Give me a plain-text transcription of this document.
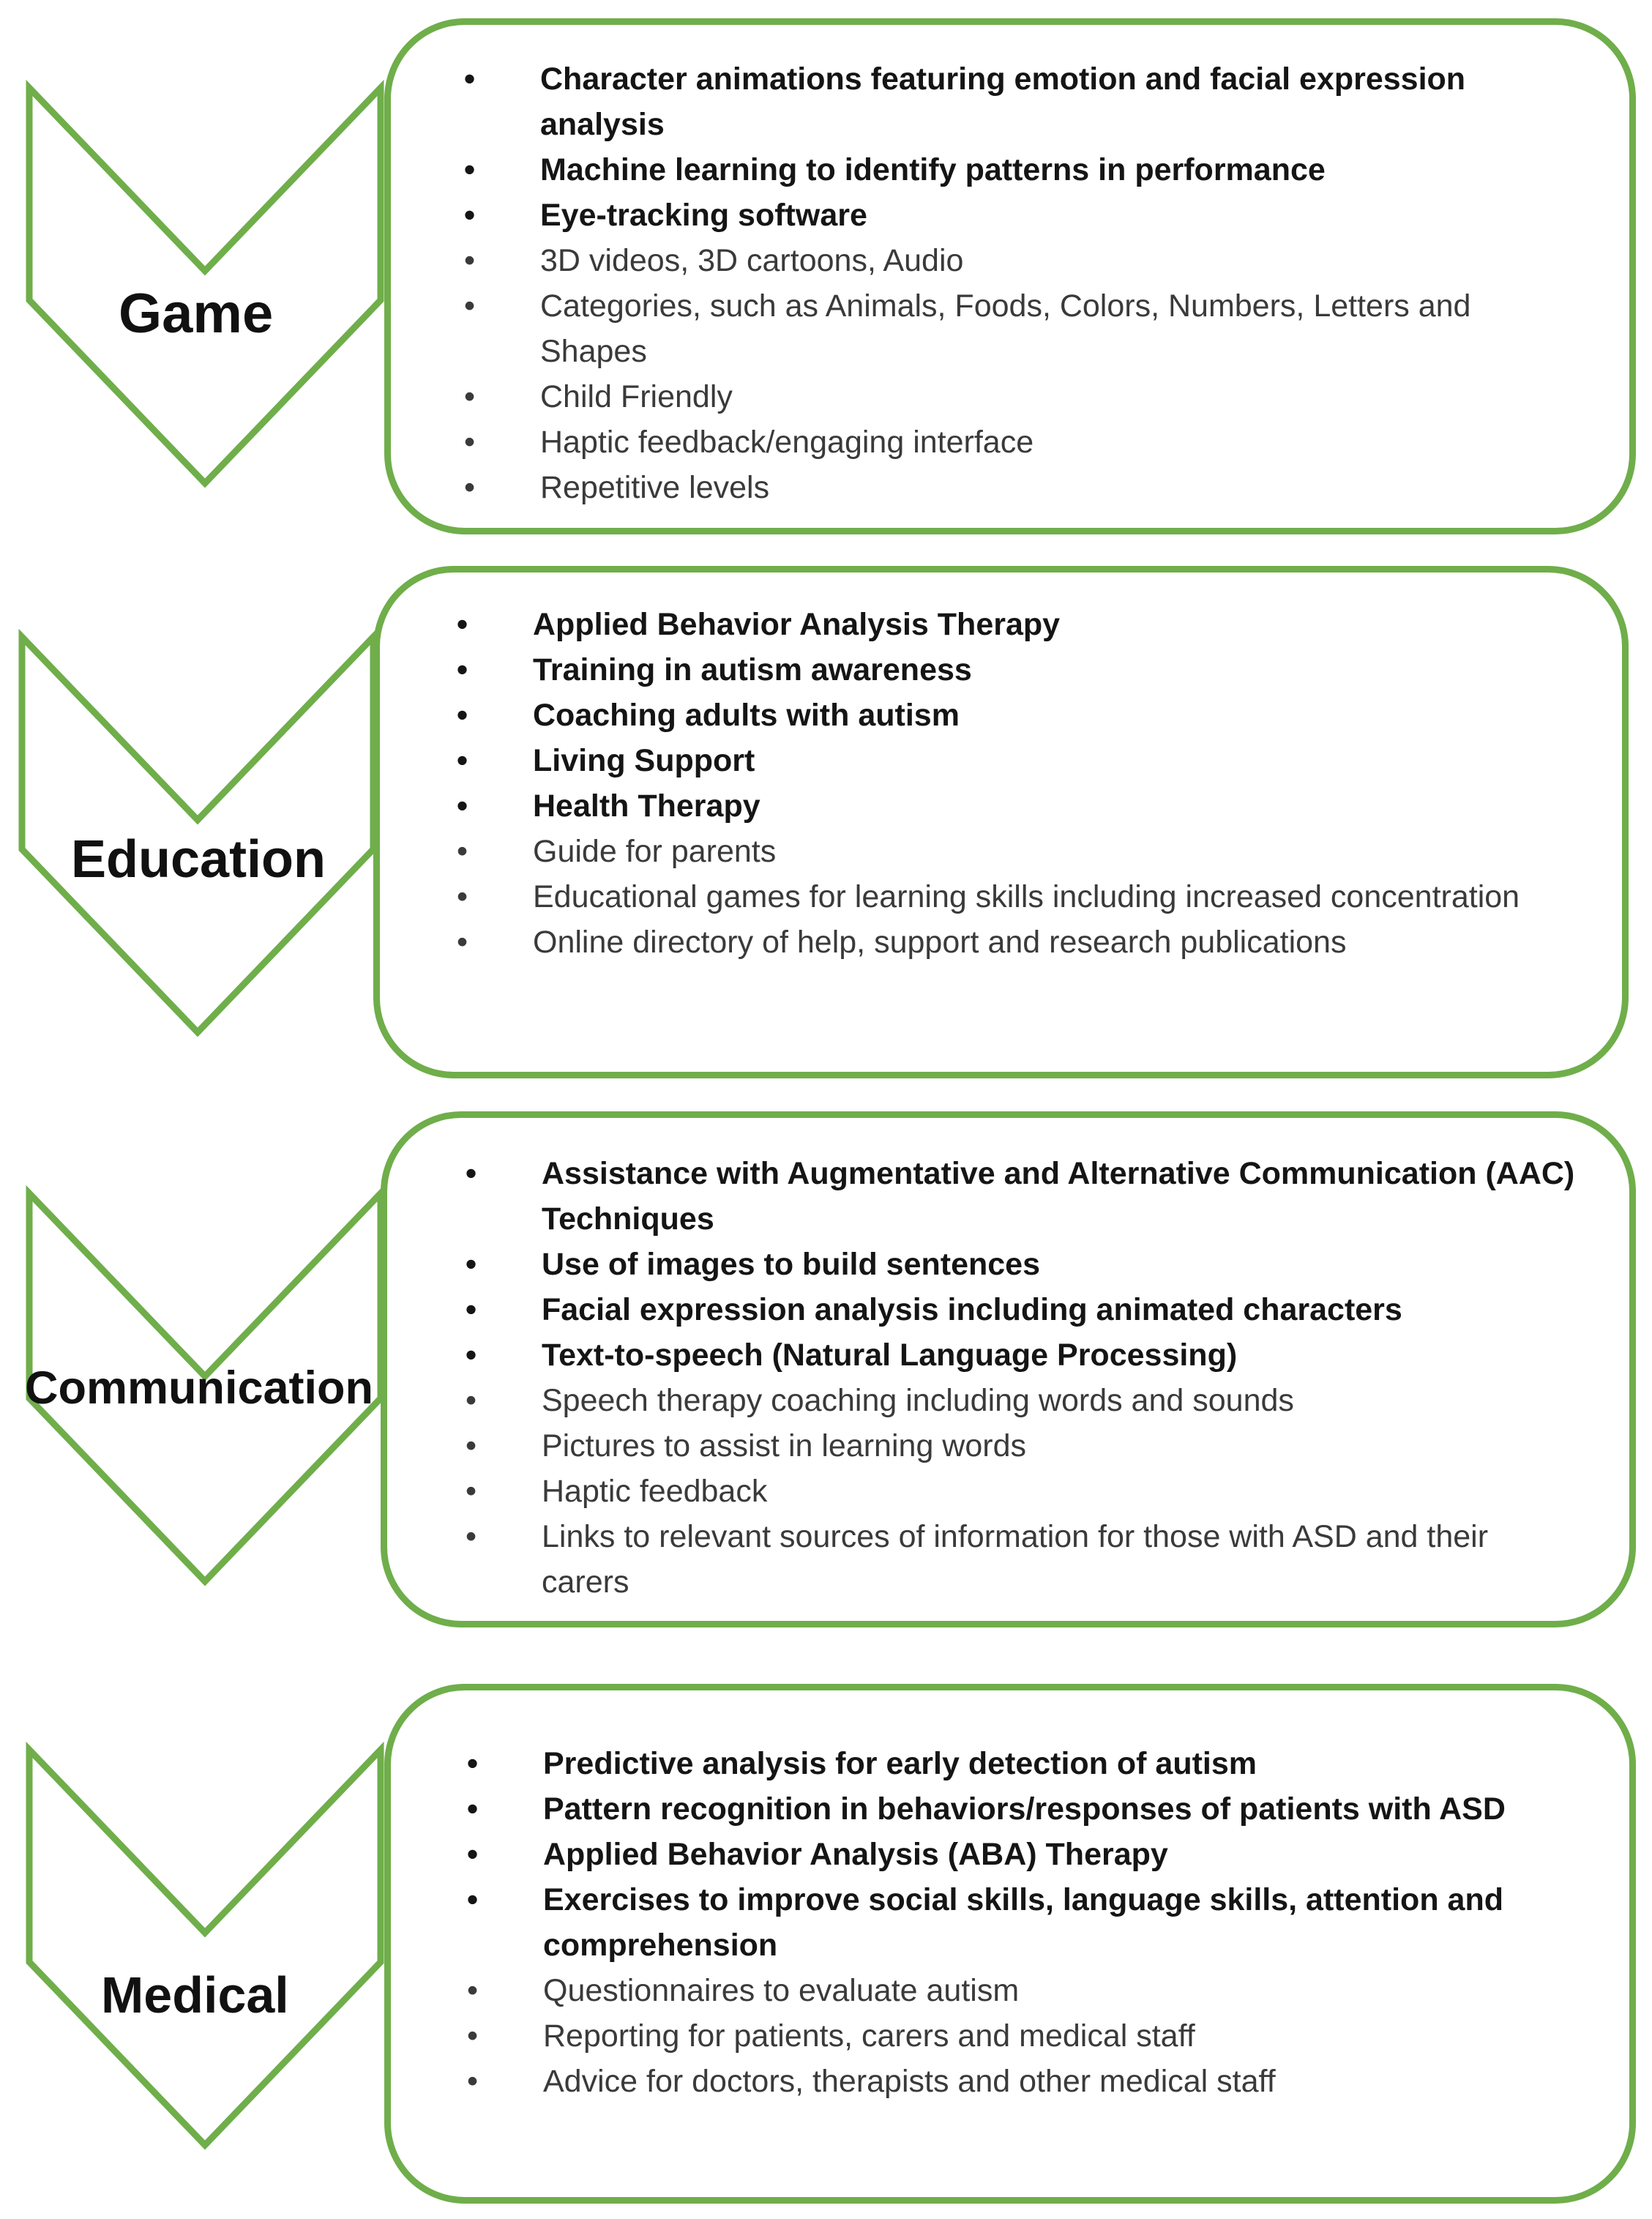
Game
Education
Communication
Medical
• Character animations featuring emotion and facial expression analysis
• Machine learning to identify patterns in performance
• Eye-tracking software
• 3D videos, 3D cartoons, Audio
• Categories, such as Animals, Foods, Colors, Numbers, Letters and Shapes
• Child Friendly
• Haptic feedback/engaging interface
• Repetitive levels
• Applied Behavior Analysis Therapy
• Training in autism awareness
• Coaching adults with autism
• Living Support
• Health Therapy
• Guide for parents
• Educational games for learning skills including increased concentration
• Online directory of help, support and research publications
• Assistance with Augmentative and Alternative Communication (AAC) Techniques
• Use of images to build sentences
• Facial expression analysis including animated characters
• Text-to-speech (Natural Language Processing)
• Speech therapy coaching including words and sounds
• Pictures to assist in learning words
• Haptic feedback
• Links to relevant sources of information for those with ASD and their carers
• Predictive analysis for early detection of autism
• Pattern recognition in behaviors/responses of patients with ASD
• Applied Behavior Analysis (ABA) Therapy
• Exercises to improve social skills, language skills, attention and comprehension
• Questionnaires to evaluate autism
• Reporting for patients, carers and medical staff
• Advice for doctors, therapists and other medical staff
